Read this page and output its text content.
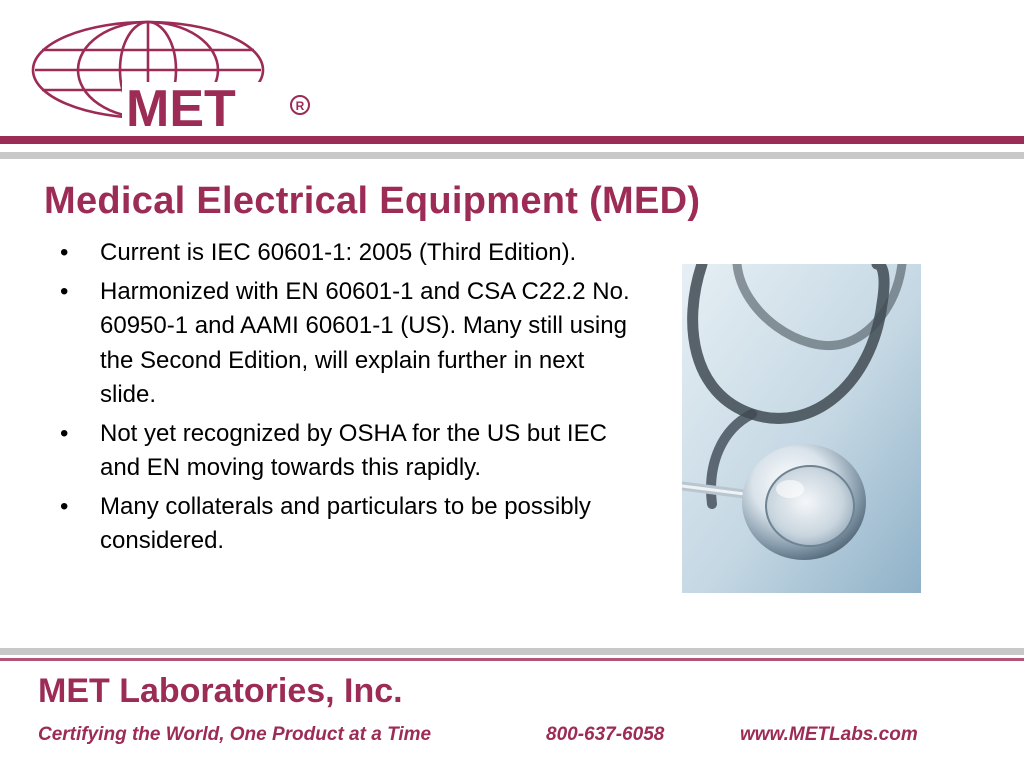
MET	R
Medical Electrical Equipment (MED)
• Current is IEC 60601-1: 2005 (Third Edition).
• Harmonized with EN 60601-1 and CSA C22.2 No. 60950-1 and AAMI 60601-1 (US). Many still using the Second Edition, will explain further in next slide.
• Not yet recognized by OSHA for the US but IEC and EN moving towards this rapidly.
• Many collaterals and particulars to be possibly considered.
MET Laboratories, Inc.
Certifying the World, One Product at a Time	800-637-6058	www.METLabs.com
